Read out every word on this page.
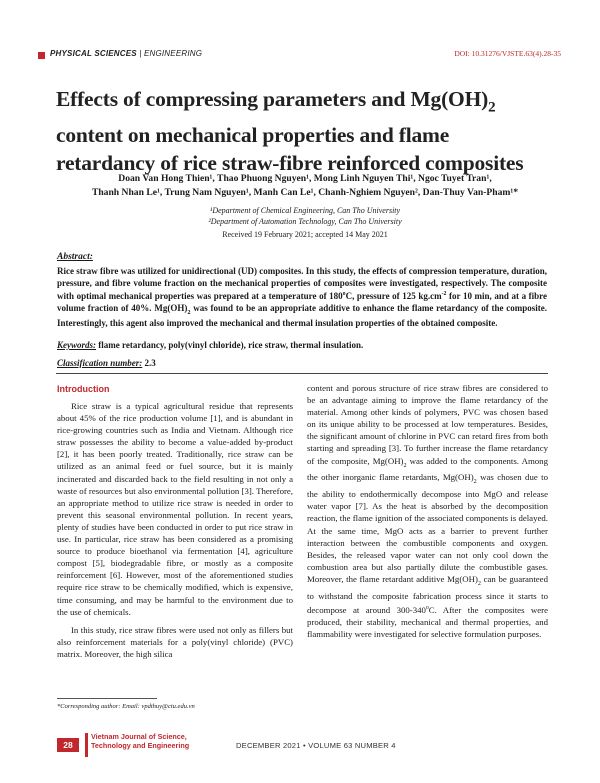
PHYSICAL SCIENCES | ENGINEERING	DOI: 10.31276/VJSTE.63(4).28-35
Effects of compressing parameters and $Mg(OH)_2$ content on mechanical properties and flame retardancy of rice straw-fibre reinforced composites
Doan Van Hong Thien¹, Thao Phuong Nguyen¹, Mong Linh Nguyen Thi¹, Ngoc Tuyet Tran¹,
Thanh Nhan Le¹, Trung Nam Nguyen¹, Manh Can Le¹, Chanh-Nghiem Nguyen², Dan-Thuy Van-Pham¹*
¹Department of Chemical Engineering, Can Tho University
²Department of Automation Technology, Can Tho University
Received 19 February 2021; accepted 14 May 2021
Abstract:
Rice straw fibre was utilized for unidirectional (UD) composites. In this study, the effects of compression temperature, duration, pressure, and fibre volume fraction on the mechanical properties of composites were investigated, respectively. The composite with optimal mechanical properties was prepared at a temperature of 180$^o$C, pressure of 125 $kg.cm^{-2}$ for 10 min, and at a fibre volume fraction of 40%. $Mg(OH)_2$ was found to be an appropriate additive to enhance the flame retardancy of the composite. Interestingly, this agent also improved the mechanical and thermal insulation properties of the obtained composite.
Keywords: flame retardancy, poly(vinyl chloride), rice straw, thermal insulation.
Classification number: 2.3
Introduction

Rice straw is a typical agricultural residue that represents about 45% of the rice production volume [1], and is abundant in rice-growing countries such as India and Vietnam. Although rice straw possesses the ability to become a value-added by-product [2], it has been poorly treated. Traditionally, rice straw can be utilized as an animal feed or fuel source, but it is mainly incinerated and discarded back to the field resulting in not only a waste of resources but also environmental pollution [3]. Therefore, an appropriate method to utilize rice straw is needed in order to prevent this seasonal environmental pollution. In recent years, plenty of studies have been conducted in order to put rice straw in use. In particular, rice straw has been considered as a promising source to produce bioethanol via fermentation [4], agriculture compost [5], biodegradable fibre, or mostly as a composite reinforcement [6]. However, most of the aforementioned studies require rice straw to be chemically modified, which is expensive, time consuming, and may be harmful to the environment due to the use of chemicals.

In this study, rice straw fibres were used not only as fillers but also reinforcement materials for a poly(vinyl chloride) (PVC) matrix. Moreover, the high silica

content and porous structure of rice straw fibres are considered to be an advantage aiming to improve the flame retardancy of the material. Among other kinds of polymers, PVC was chosen based on its unique ability to be processed at low temperatures. Besides, the significant amount of chlorine in PVC can retard fires from both starting and spreading [3]. To further increase the flame retardancy of the composite, $Mg(OH)_2$ was added to the components. Among the other inorganic flame retardants, $Mg(OH)_2$ was chosen due to the ability to endothermically decompose into MgO and release water vapor [7]. As the heat is absorbed by the decomposition reaction, the flame ignition of the associated components is delayed. At the same time, MgO acts as a barrier to prevent further interaction between the combustible components and oxygen. Besides, the released vapor water can not only cool down the combustion area but also partially dilute the combustible gases. Moreover, the flame retardant additive $Mg(OH)_2$ can be guaranteed to withstand the composite fabrication process since it starts to decompose at around 300-340$^o$C. After the composites were produced, their stability, mechanical and thermal properties, and flammability were investigated for selective formulation purposes.

*Corresponding author: Email: vpdthuy@ctu.edu.vn
28
Vietnam Journal of Science,
Technology and Engineering	DECEMBER 2021 • VOLUME 63 NUMBER 4
